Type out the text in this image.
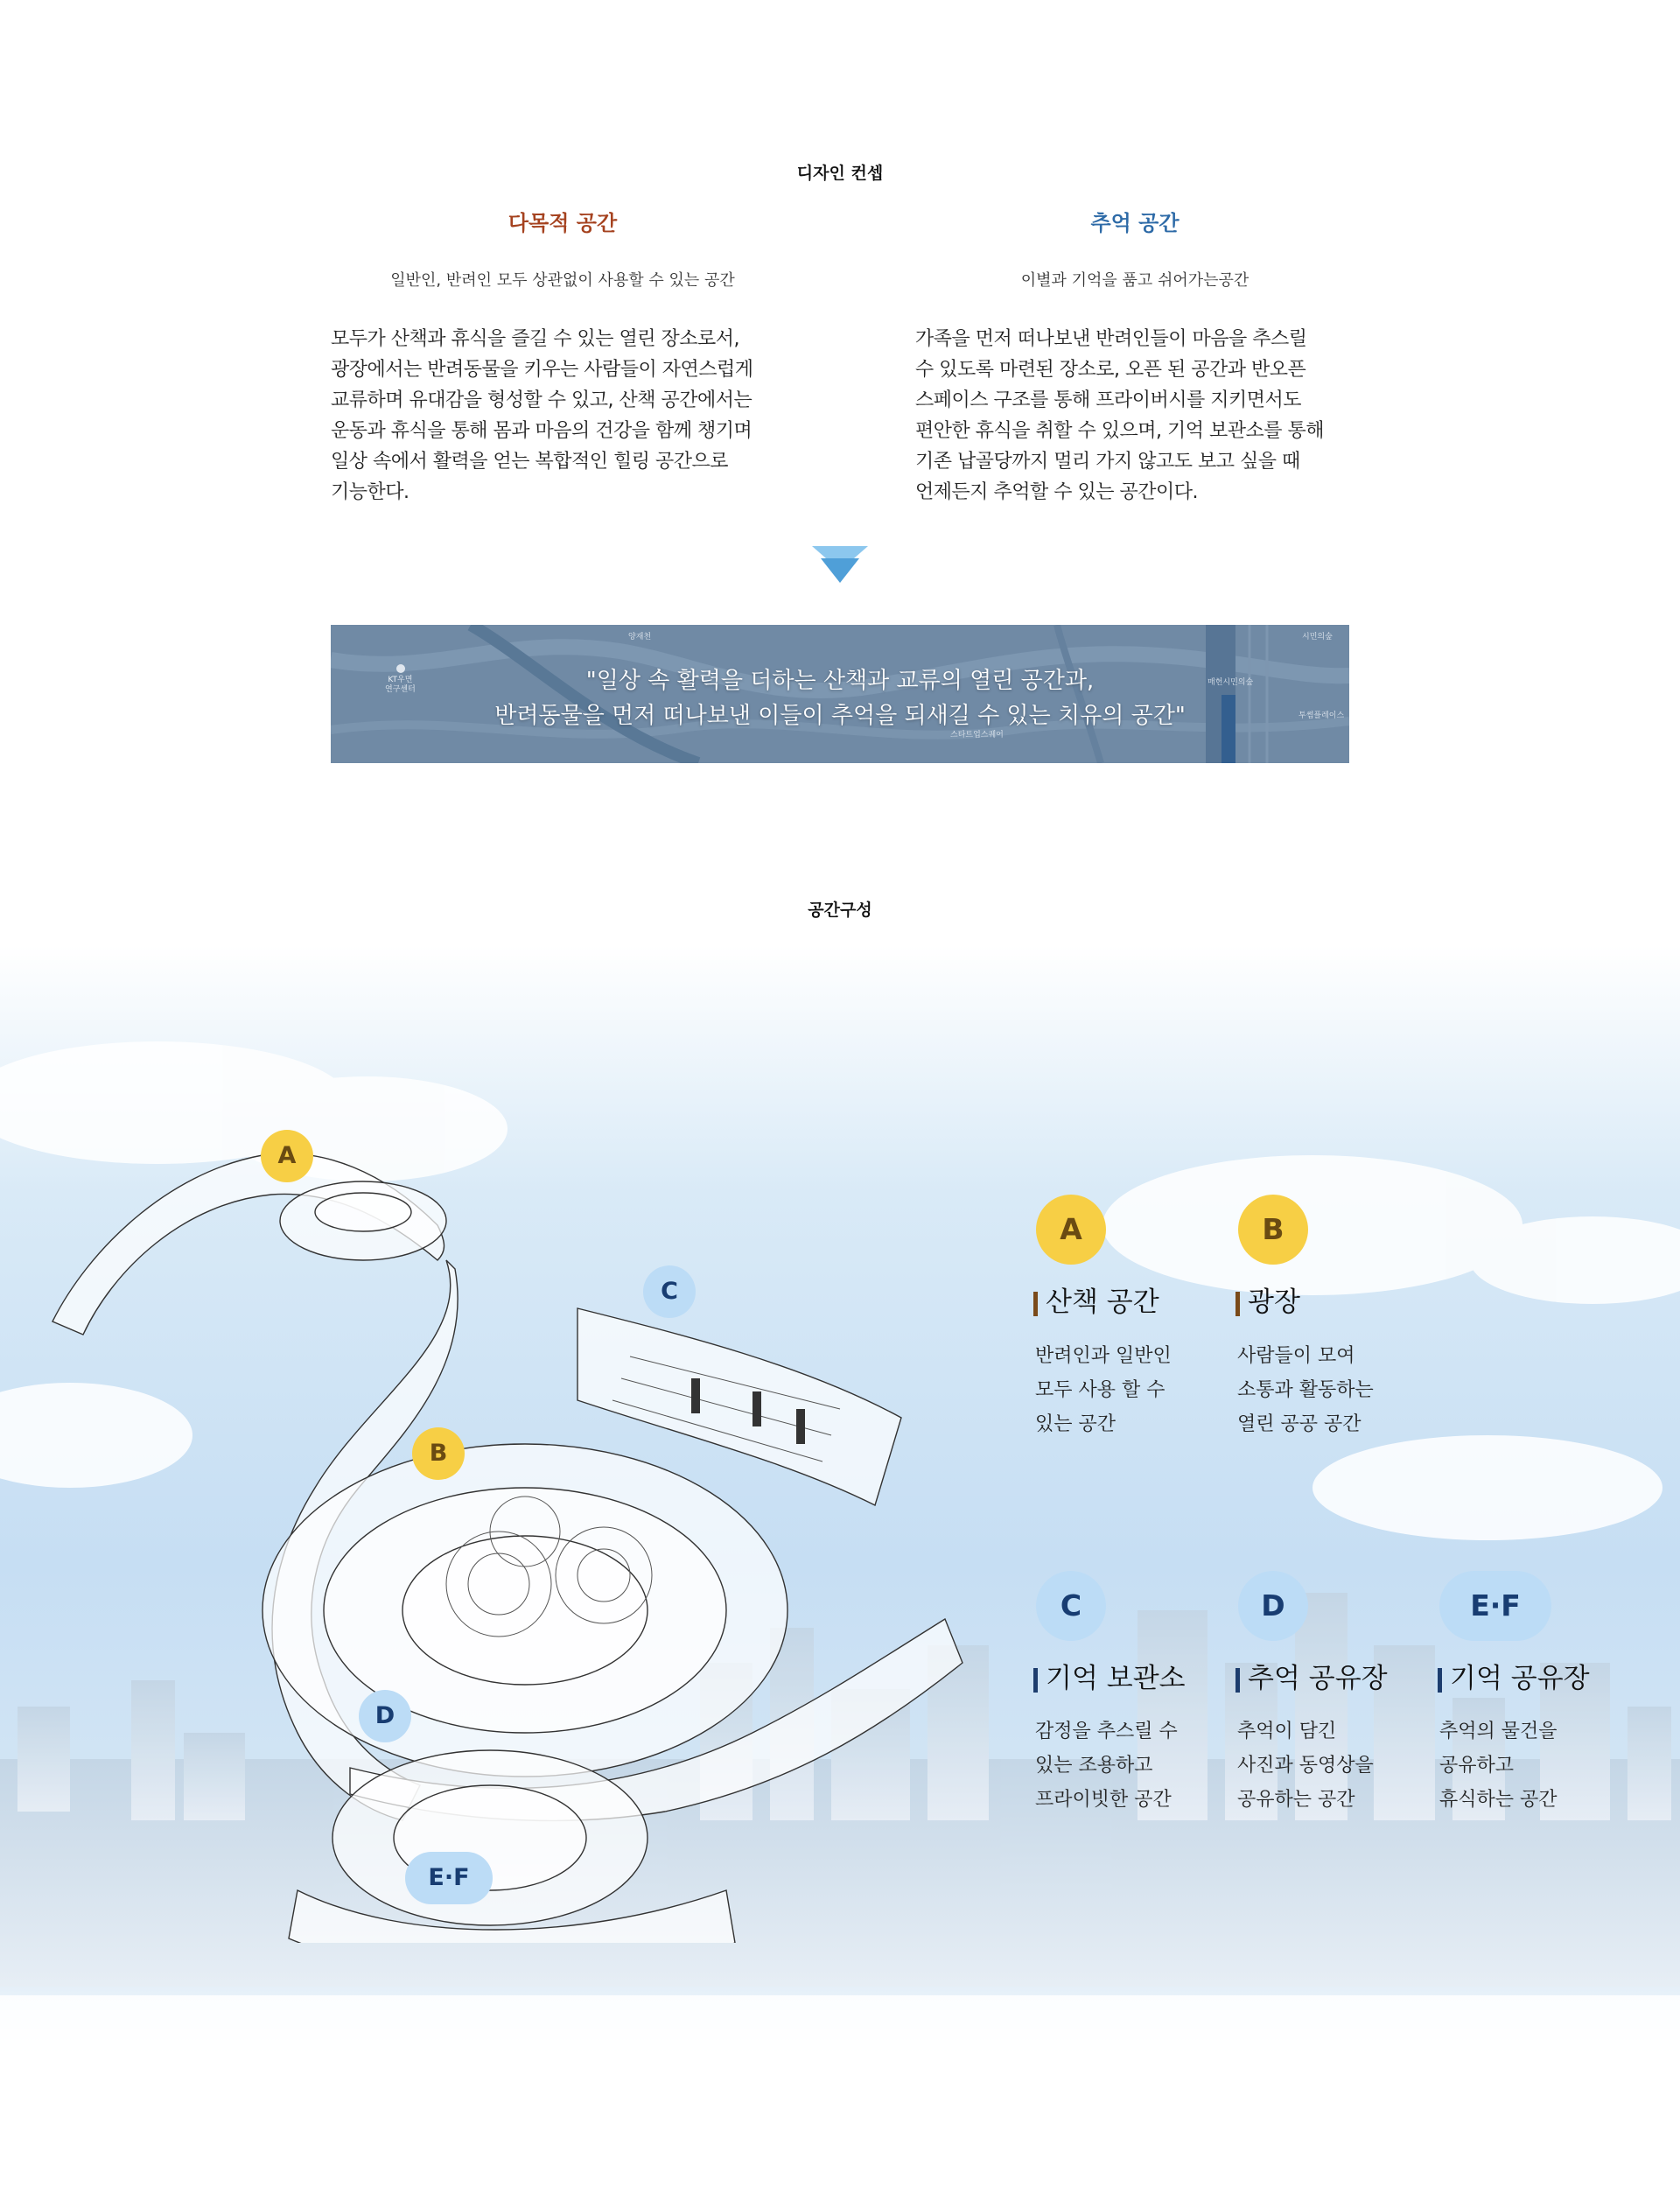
디자인 컨셉
다목적 공간	추억 공간
일반인, 반려인 모두 상관없이 사용할 수 있는 공간	이별과 기억을 품고 쉬어가는공간
모두가 산책과 휴식을 즐길 수 있는 열린 장소로서,
광장에서는 반려동물을 키우는 사람들이 자연스럽게
교류하며 유대감을 형성할 수 있고, 산책 공간에서는
운동과 휴식을 통해 몸과 마음의 건강을 함께 챙기며
일상 속에서 활력을 얻는 복합적인 힐링 공간으로
기능한다.
가족을 먼저 떠나보낸 반려인들이 마음을 추스릴
수 있도록 마련된 장소로, 오픈 된 공간과 반오픈
스페이스 구조를 통해 프라이버시를 지키면서도
편안한 휴식을 취할 수 있으며, 기억 보관소를 통해
기존 납골당까지 멀리 가지 않고도 보고 싶을 때
언제든지 추억할 수 있는 공간이다.
KT우면
연구센터
양재천	시민의숲
매헌시민의숲
투썸플레이스
스타트업스퀘어
"일상 속 활력을 더하는 산책과 교류의 열린 공간과,
반려동물을 먼저 떠나보낸 이들이 추억을 되새길 수 있는 치유의 공간"
공간구성
A
B
C
D
E·F
A
산책 공간
반려인과 일반인
모두 사용 할 수
있는 공간
B
광장
사람들이 모여
소통과 활동하는
열린 공공 공간
C
기억 보관소
감정을 추스릴 수
있는 조용하고
프라이빗한 공간
D
추억 공유장
추억이 담긴
사진과 동영상을
공유하는 공간
E·F
기억 공유장
추억의 물건을
공유하고
휴식하는 공간
